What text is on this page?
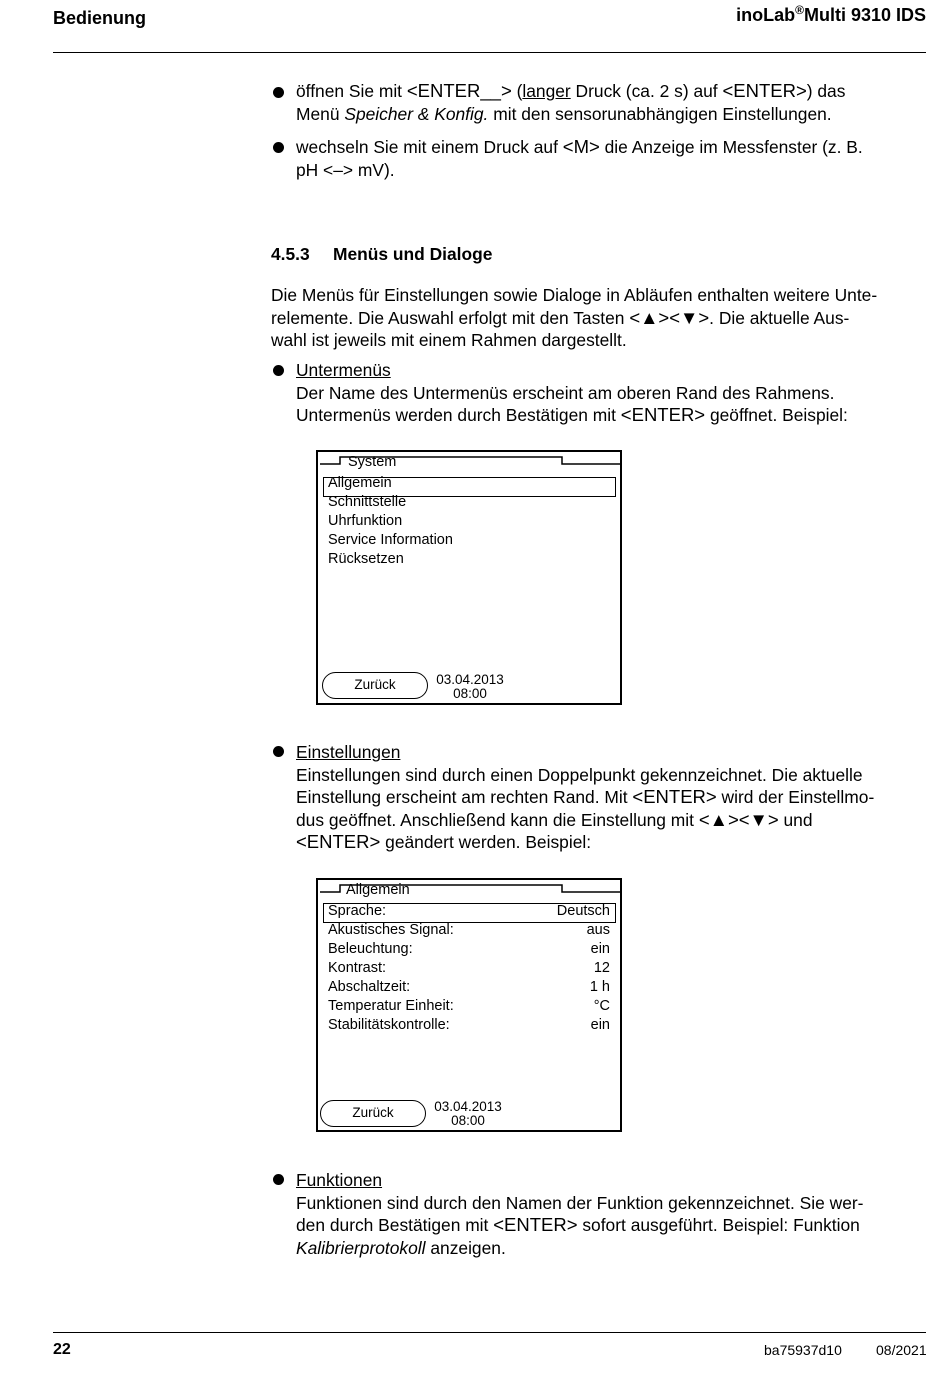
Bedienung	inoLab®Multi 9310 IDS
öffnen Sie mit <ENTER__> (langer Druck (ca. 2 s) auf <ENTER>) das
Menü Speicher & Konfig. mit den sensorunabhängigen Einstellungen.
wechseln Sie mit einem Druck auf <M> die Anzeige im Messfenster (z. B.
pH <–> mV).
4.5.3 Menüs und Dialoge
Die Menüs für Einstellungen sowie Dialoge in Abläufen enthalten weitere Unte-
relemente. Die Auswahl erfolgt mit den Tasten <▲><▼>. Die aktuelle Aus-
wahl ist jeweils mit einem Rahmen dargestellt.
Untermenüs
Der Name des Untermenüs erscheint am oberen Rand des Rahmens.
Untermenüs werden durch Bestätigen mit <ENTER> geöffnet. Beispiel:
System
Allgemein
Schnittstelle
Uhrfunktion
Service Information
Rücksetzen
Zurück	03.04.2013
08:00
Einstellungen
Einstellungen sind durch einen Doppelpunkt gekennzeichnet. Die aktuelle
Einstellung erscheint am rechten Rand. Mit <ENTER> wird der Einstellmo-
dus geöffnet. Anschließend kann die Einstellung mit <▲><▼> und
<ENTER> geändert werden. Beispiel:
Allgemein
Sprache:	Deutsch
Akustisches Signal:	aus
Beleuchtung:	ein
Kontrast:	12
Abschaltzeit:	1 h
Temperatur Einheit:	°C
Stabilitätskontrolle:	ein
Zurück	03.04.2013
08:00
Funktionen
Funktionen sind durch den Namen der Funktion gekennzeichnet. Sie wer-
den durch Bestätigen mit <ENTER> sofort ausgeführt. Beispiel: Funktion
Kalibrierprotokoll anzeigen.
22	ba75937d10 08/2021
